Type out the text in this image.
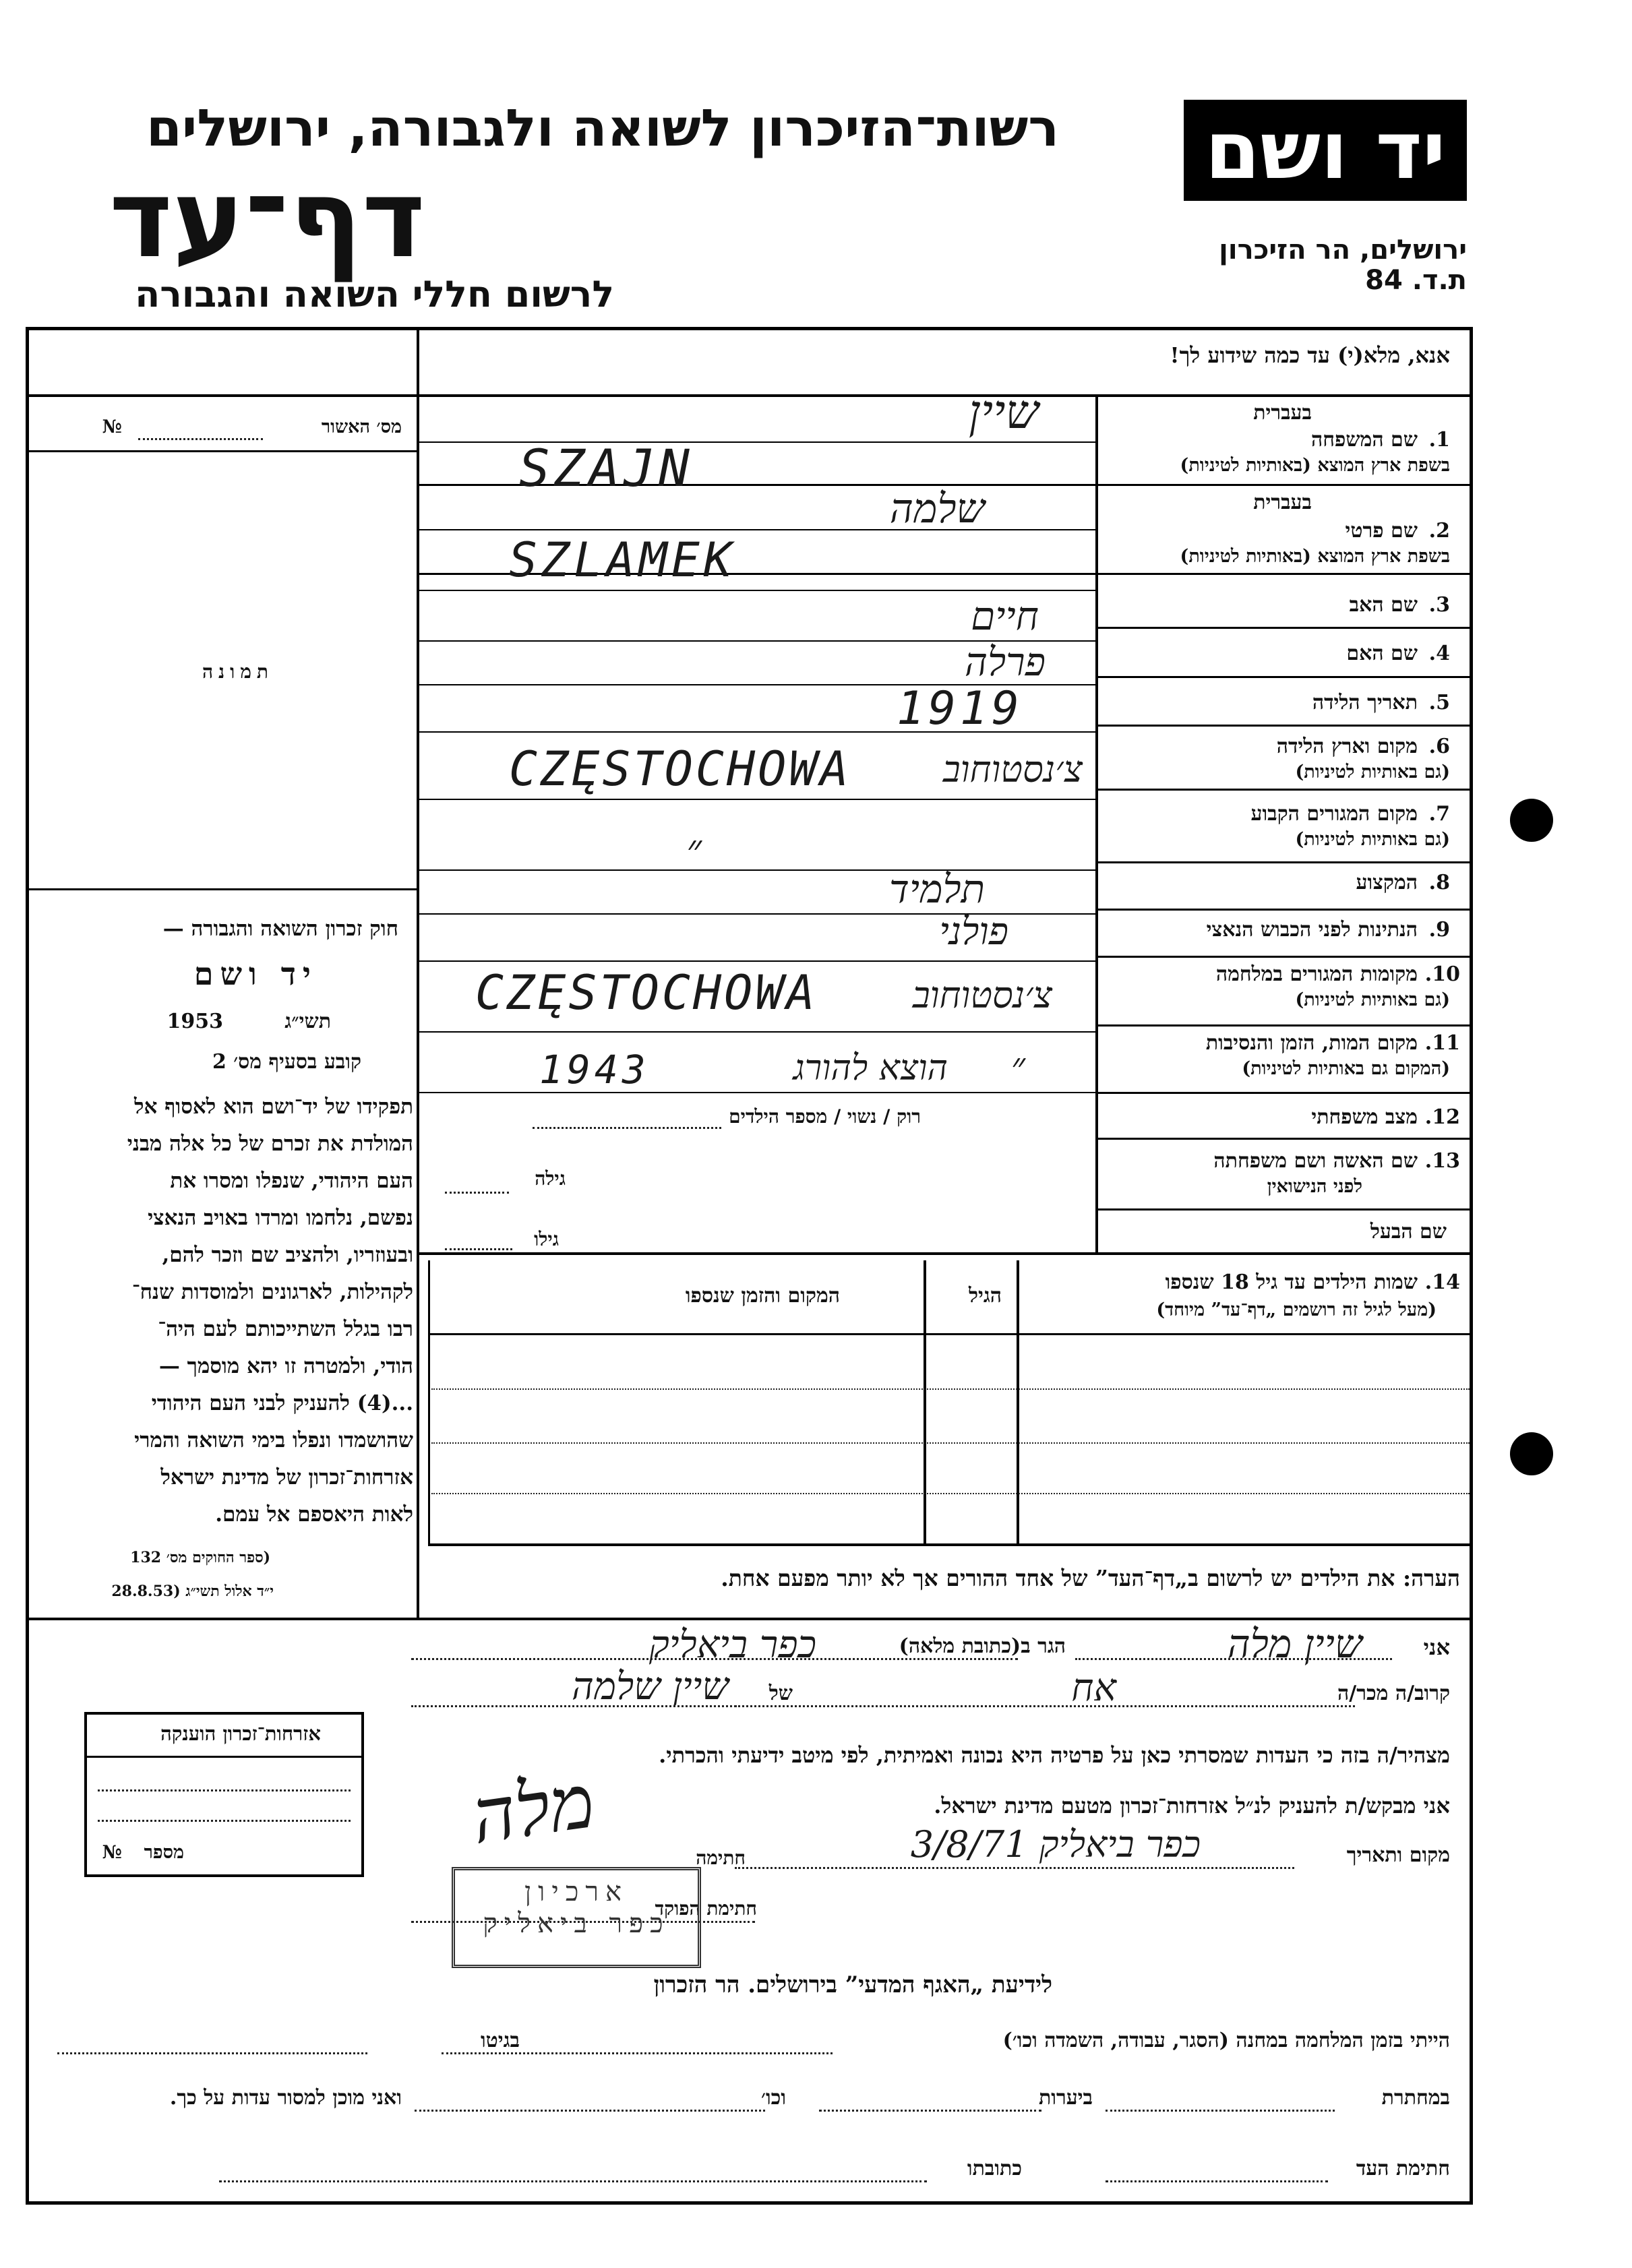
רשות־הזיכרון לשואה ולגבורה, ירושלים
דף־עד
לרשום חללי השואה והגבורה
יד ושם
ירושלים, הר הזיכרון
ת.ד. 84
אנא, מלא(י) עד כמה שידוע לך!
מס׳ האשור
№
תמונה
חוק זכרון השואה והגבורה —
יד ושם
תשי״ג
1953
קובע בסעיף מס׳ 2
תפקידו של יד־ושם הוא לאסוף אל
המולדת את זכרם של כל אלה מבני
העם היהודי, שנפלו ומסרו את
נפשם, נלחמו ומרדו באויב הנאצי
ובעוזריו, ולהציב שם וזכר להם,
לקהילות, לארגונים ולמוסדות שנח־
רבו בגלל השתייכותם לעם היה־
הודי, ולמטרה זו יהא מוסמך —
...(4) להעניק לבני העם היהודי
שהושמדו ונפלו בימי השואה והמרי
אזרחות־זכרון של מדינת ישראל
לאות היאספם אל עמם.
(ספר החוקים מס׳ 132
י״ד אלול תשי״ג (28.8.53
בעברית
1.
שם המשפחה
בשפת ארץ המוצא (באותיות לטיניות)
שיין
SZAJN
בעברית
2.
שם פרטי
בשפת ארץ המוצא (באותיות לטיניות)
שלמה
SZLAMEK
3.
שם האב
חיים
4.
שם האם
פרלה
5.
תאריך הלידה
1919
6.
מקום וארץ הלידה
(גם באותיות לטיניות)
CZĘSTOCHOWA	צ׳נסטוחוב
7.
מקום המגורים הקבוע
(גם באותיות לטיניות)
״
8.
המקצוע
תלמיד
9.
הנתינות לפני הכבוש הנאצי
פולני
10.
מקומות המגורים במלחמה
(גם באותיות לטיניות)
CZĘSTOCHOWA	צ׳נסטוחוב
11.
מקום המות, הזמן והנסיבות
(המקום גם באותיות לטיניות)
״
הוצא להורג
1943
12.
מצב משפחתי
רוק / נשוי / מספר הילדים
13.
שם האשה ושם משפחתה
לפני הנישואין
גילה
שם הבעל
גילו
14.
שמות הילדים עד גיל 18 שנספו
(מעל לגיל זה רושמים „דף־עד” מיוחד)
הגיל
המקום והזמן שנספו
הערה: את הילדים יש לרשום ב„דף־העד” של אחד ההורים אך לא יותר מפעם אחת.
אני
שיין מלה
הגר ב(כתובת מלאה)
כפר ביאליק
קרוב/ה מכר/ה
אח
של
שיין שלמה
מצהיר/ה בזה כי העדות שמסרתי כאן על פרטיה היא נכונה ואמיתית, לפי מיטב ידיעתי והכרתי.
אני מבקש/ת להעניק לנ״ל אזרחות־זכרון מטעם מדינת ישראל.
מקום ותאריך
כפר ביאליק 3/8/71
חתימה
מלה
חתימת הפוקד
ארכיון
כפר ביאליק
אזרחות־זכרון הוענקה
№ מספר
לידיעת „האגף המדעי” בירושלים. הר הזכרון
הייתי בזמן המלחמה במחנה (הסגר, עבודה, השמדה וכו׳)
בגיטו
במחתרת
ביערות
וכו׳
ואני מוכן למסור עדות על כך.
חתימת העד
כתובתו
